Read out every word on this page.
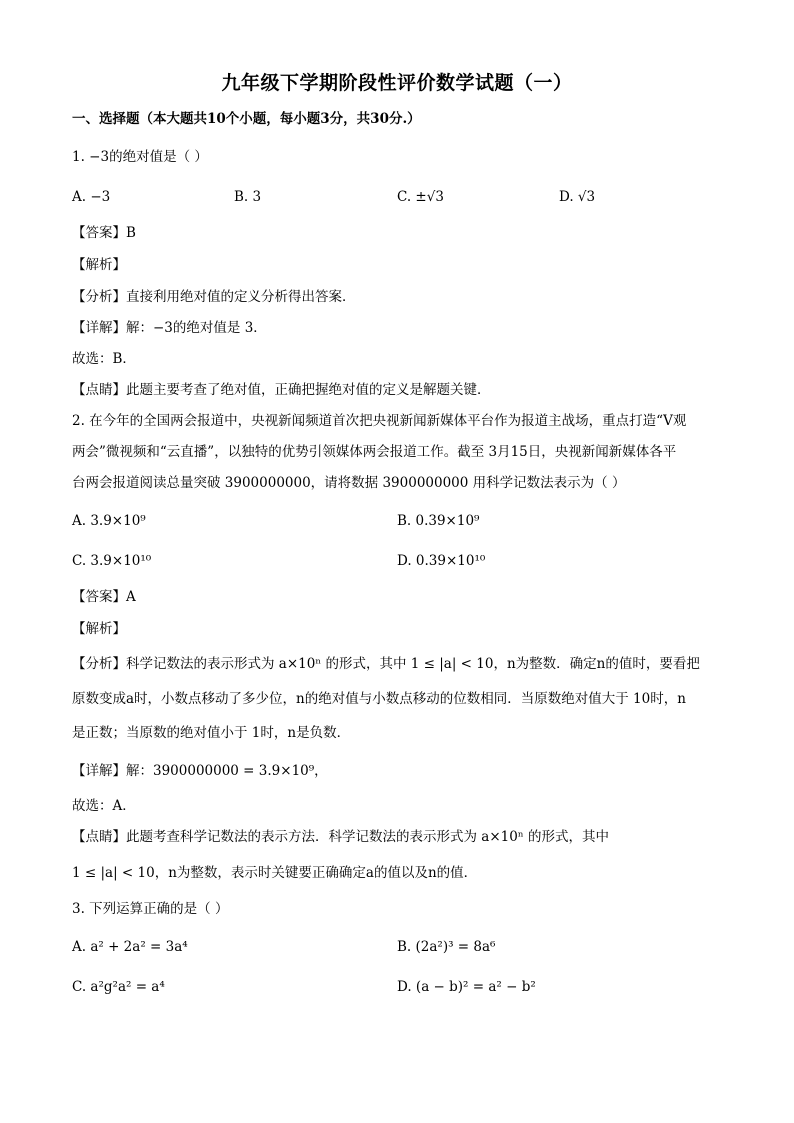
九年级下学期阶段性评价数学试题（一）
一、选择题（本大题共10个小题，每小题3分，共30分.）
1. −3的绝对值是（ ）
A. −3	B. 3	C. ±√3	D. √3
【答案】B
【解析】
【分析】直接利用绝对值的定义分析得出答案．
【详解】解：−3的绝对值是 3．
故选：B．
【点睛】此题主要考查了绝对值，正确把握绝对值的定义是解题关键．
2. 在今年的全国两会报道中，央视新闻频道首次把央视新闻新媒体平台作为报道主战场，重点打造“V观
两会”微视频和“云直播”，以独特的优势引领媒体两会报道工作。截至 3月15日，央视新闻新媒体各平
台两会报道阅读总量突破 3900000000，请将数据 3900000000 用科学记数法表示为（ ）
A. 3.9×10⁹	B. 0.39×10⁹
C. 3.9×10¹⁰	D. 0.39×10¹⁰
【答案】A
【解析】
【分析】科学记数法的表示形式为 a×10ⁿ 的形式，其中 1 ≤ |a| < 10，n为整数．确定n的值时，要看把
原数变成a时，小数点移动了多少位，n的绝对值与小数点移动的位数相同．当原数绝对值大于 10时，n
是正数；当原数的绝对值小于 1时，n是负数．
【详解】解：3900000000 = 3.9×10⁹，
故选：A．
【点睛】此题考查科学记数法的表示方法．科学记数法的表示形式为 a×10ⁿ 的形式，其中
1 ≤ |a| < 10，n为整数，表示时关键要正确确定a的值以及n的值．
3. 下列运算正确的是（ ）
A. a² + 2a² = 3a⁴	B. (2a²)³ = 8a⁶
C. a²g²a² = a⁴	D. (a − b)² = a² − b²
